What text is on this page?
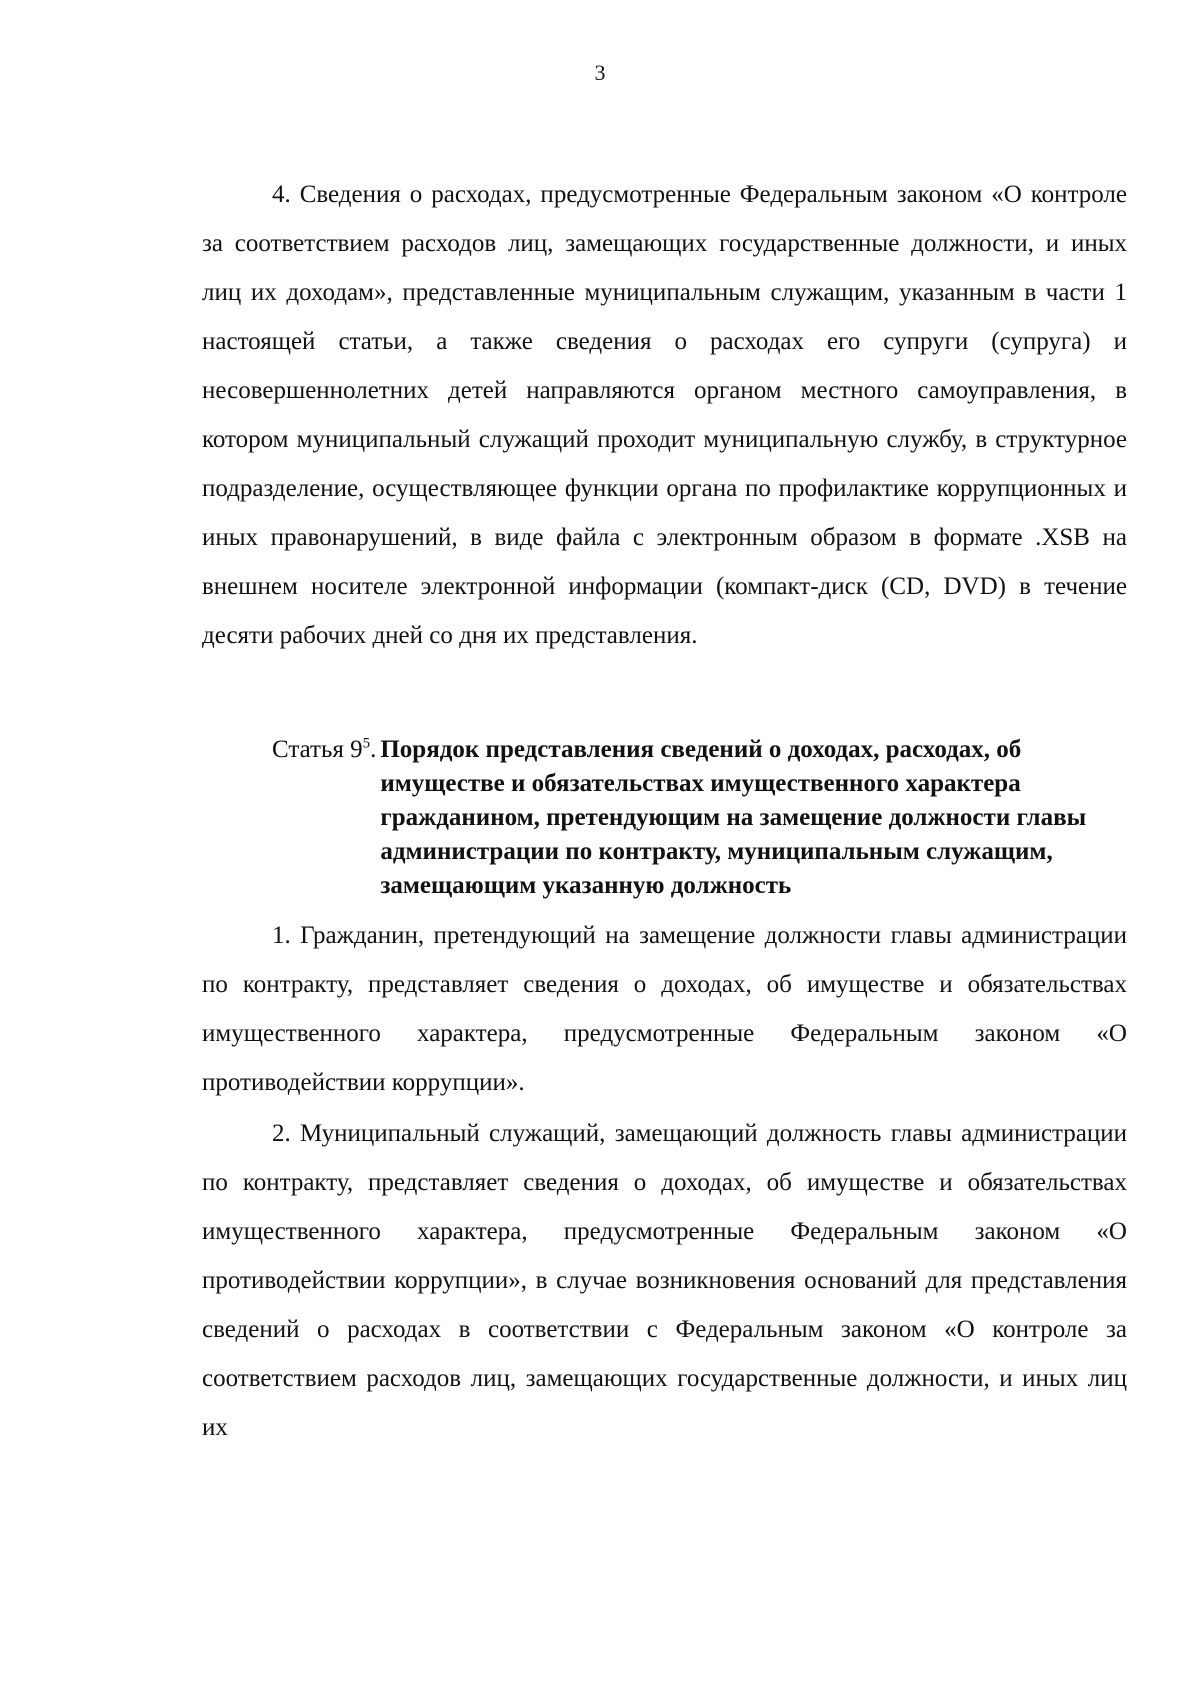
3

4. Сведения о расходах, предусмотренные Федеральным законом «О контроле за соответствием расходов лиц, замещающих государственные должности, и иных лиц их доходам», представленные муниципальным служащим, указанным в части 1 настоящей статьи, а также сведения о расходах его супруги (супруга) и несовершеннолетних детей направляются органом местного самоуправления, в котором муниципальный служащий проходит муниципальную службу, в структурное подразделение, осуществляющее функции органа по профилактике коррупционных и иных правонарушений, в виде файла с электронным образом в формате .XSB на внешнем носителе электронной информации (компакт-диск (CD, DVD) в течение десяти рабочих дней со дня их представления.

Статья $9^5$. Порядок представления сведений о доходах, расходах, об имуществе и обязательствах имущественного характера гражданином, претендующим на замещение должности главы администрации по контракту, муниципальным служащим, замещающим указанную должность

1. Гражданин, претендующий на замещение должности главы администрации по контракту, представляет сведения о доходах, об имуществе и обязательствах имущественного характера, предусмотренные Федеральным законом «О противодействии коррупции».

2. Муниципальный служащий, замещающий должность главы администрации по контракту, представляет сведения о доходах, об имуществе и обязательствах имущественного характера, предусмотренные Федеральным законом «О противодействии коррупции», в случае возникновения оснований для представления сведений о расходах в соответствии с Федеральным законом «О контроле за соответствием расходов лиц, замещающих государственные должности, и иных лиц их
